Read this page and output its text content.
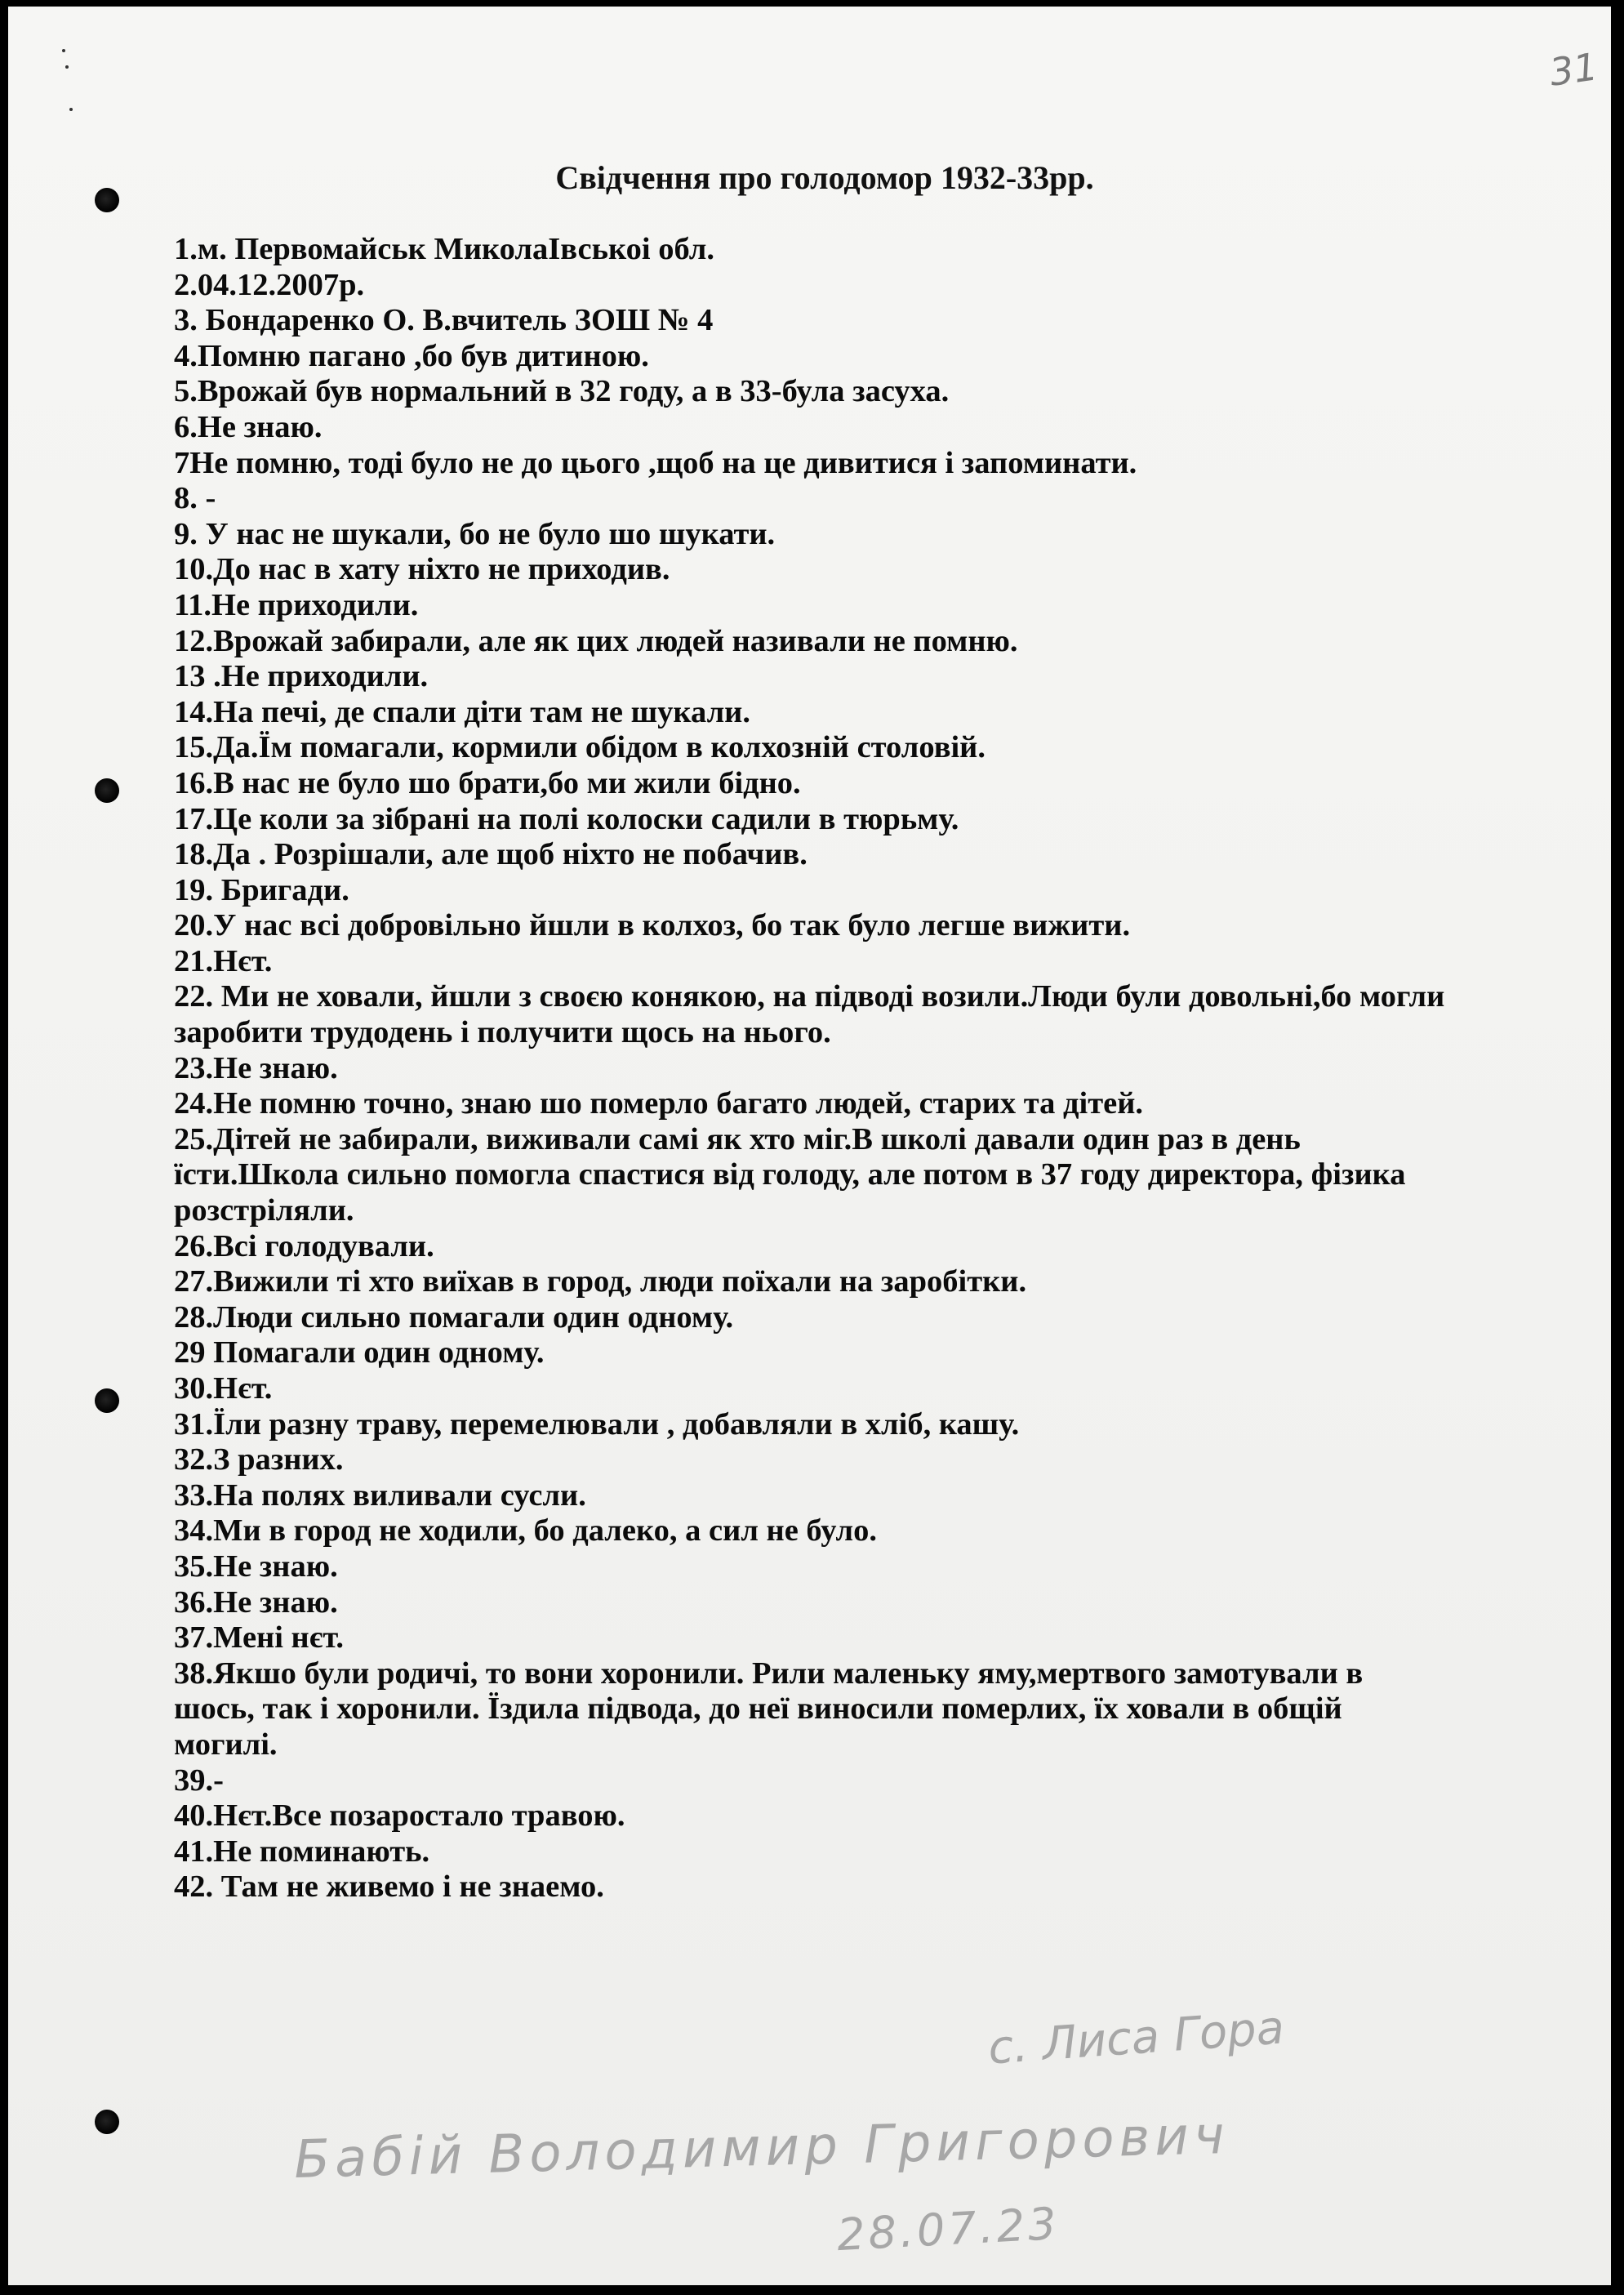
31
Свідчення про голодомор 1932-33рр.
1.м. Первомайськ МиколаIвськоi обл.
2.04.12.2007р.
3. Бондаренко О. В.вчитель ЗОШ № 4
4.Помню пагано ,бо був дитиною.
5.Врожай був нормальний в 32 году, а в 33-була засуха.
6.Не знаю.
7Не помню, тоді було не до цього ,щоб на це дивитися і запоминати.
8. -
9. У нас не шукали, бо не було шо шукати.
10.До нас в хату ніхто не приходив.
11.Не приходили.
12.Врожай забирали, але як цих людей називали не помню.
13 .Не приходили.
14.На печі, де спали діти там не шукали.
15.Да.Їм помагали, кормили обідом в колхозній столовій.
16.В нас не було шо брати,бо ми жили бідно.
17.Це коли за зібрані на полі колоски садили в тюрьму.
18.Да . Розрішали, але щоб ніхто не побачив.
19. Бригади.
20.У нас всі добровільно йшли в колхоз, бо так було легше вижити.
21.Нєт.
22. Ми не ховали, йшли з своєю конякою, на підводі возили.Люди були довольні,бо могли заробити трудодень і получити щось на нього.
23.Не знаю.
24.Не помню точно, знаю шо померло багато людей, старих та дітей.
25.Дітей не забирали, виживали самі як хто міг.В школі давали один раз в день їсти.Школа сильно помогла спастися від голоду, але потом в 37 году директора, фізика розстріляли.
26.Всі голодували.
27.Вижили ті хто виїхав в город, люди поїхали на заробітки.
28.Люди сильно помагали один одному.
29 Помагали один одному.
30.Нєт.
31.Їли разну траву, перемелювали , добавляли в хліб, кашу.
32.З разних.
33.На полях виливали сусли.
34.Ми в город не ходили, бо далеко, а сил не було.
35.Не знаю.
36.Не знаю.
37.Мені нєт.
38.Якшо були родичі, то вони хоронили. Рили маленьку яму,мертвого замотували в шось, так і хоронили. Їздила підвода, до неї виносили померлих, їх ховали в общій могилі.
39.-
40.Нєт.Все позаростало травою.
41.Не поминають.
42. Там не живемо і не знаемо.
с. Лиса Гора
Бабій Володимир Григорович
28.07.23
